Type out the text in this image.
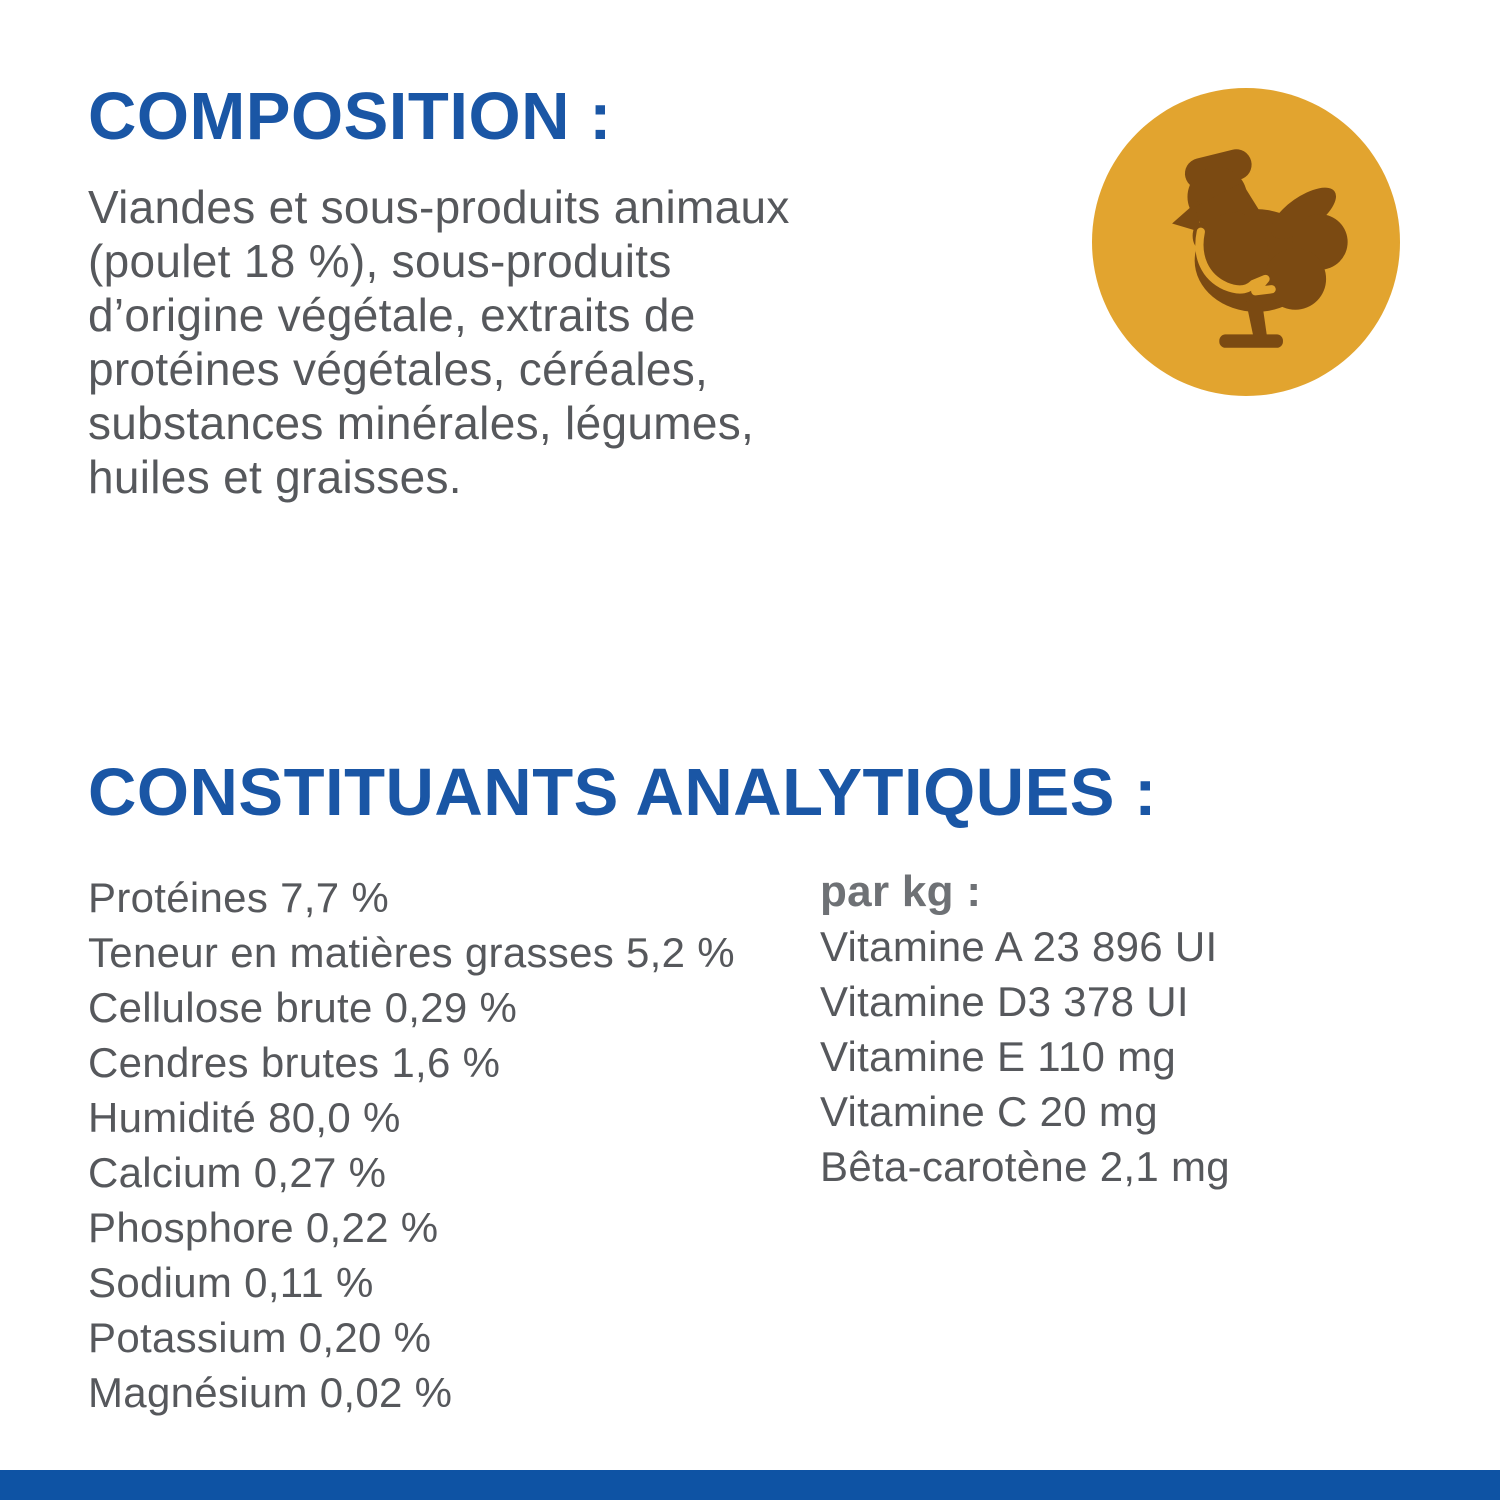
COMPOSITION :
Viandes et sous-produits animaux
(poulet 18 %), sous-produits
d’origine végétale, extraits de
protéines végétales, céréales,
substances minérales, légumes,
huiles et graisses.
CONSTITUANTS ANALYTIQUES :
Protéines 7,7 %
Teneur en matières grasses 5,2 %
Cellulose brute 0,29 %
Cendres brutes 1,6 %
Humidité 80,0 %
Calcium 0,27 %
Phosphore 0,22 %
Sodium 0,11 %
Potassium 0,20 %
Magnésium 0,02 %
par kg :
Vitamine A 23 896 UI
Vitamine D3 378 UI
Vitamine E 110 mg
Vitamine C 20 mg
Bêta-carotène 2,1 mg
